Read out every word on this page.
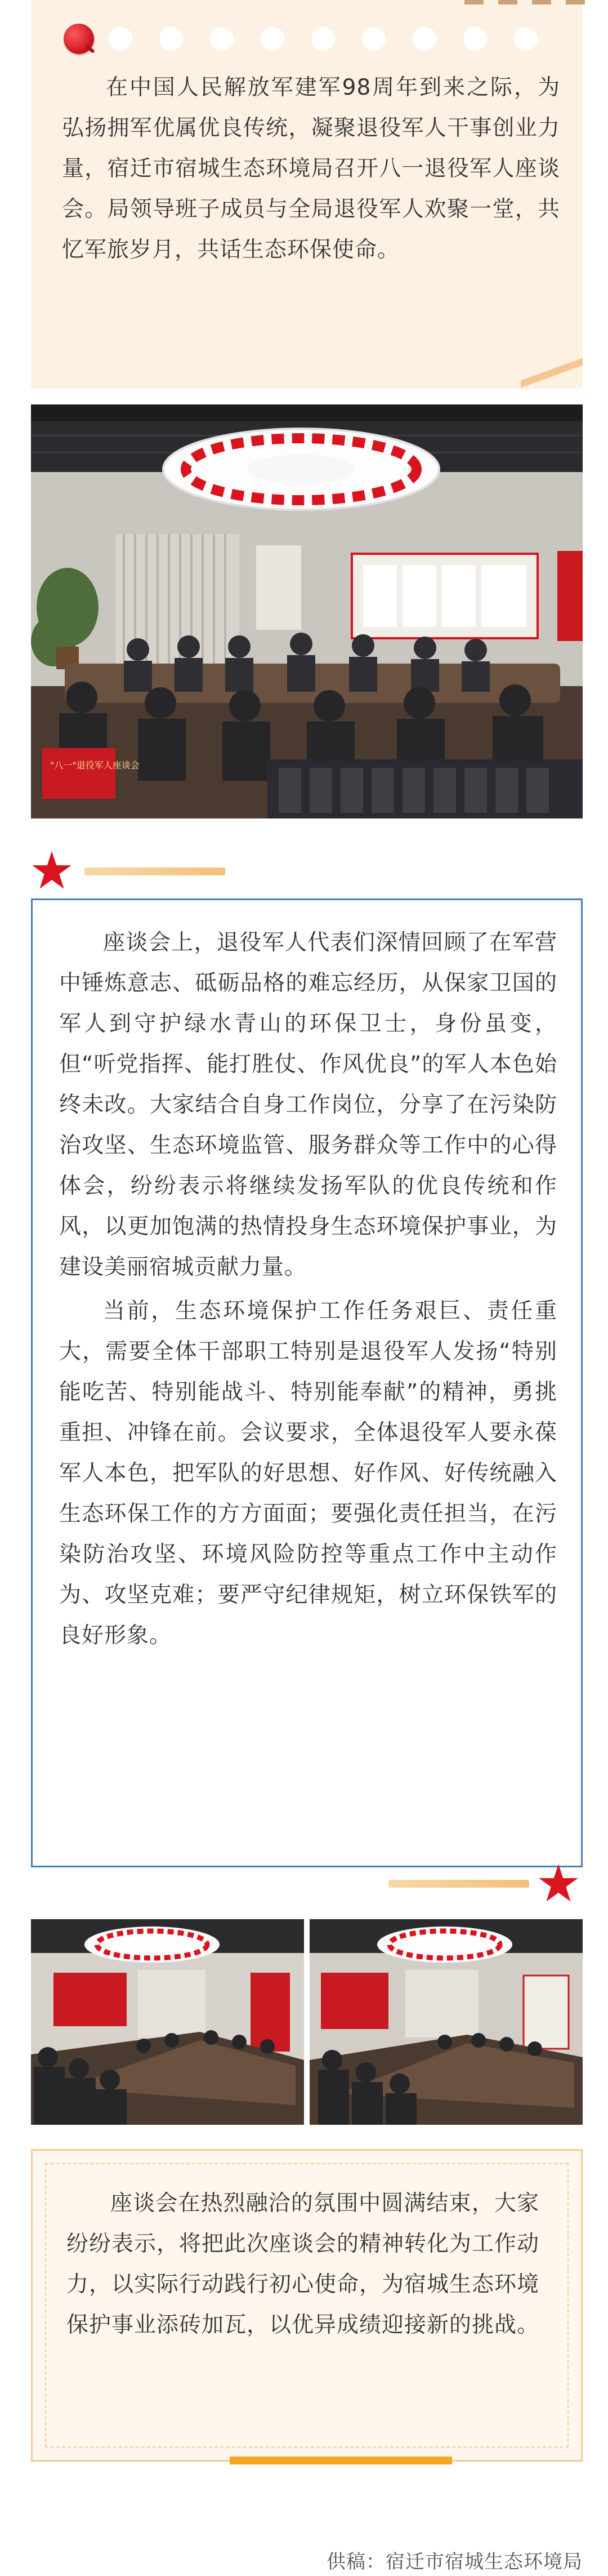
在中国人民解放军建军98周年到来之际，为弘扬拥军优属优良传统，凝聚退役军人干事创业力量，宿迁市宿城生态环境局召开八一退役军人座谈会。局领导班子成员与全局退役军人欢聚一堂，共忆军旅岁月，共话生态环保使命。

"八一"退役军人座谈会

座谈会上，退役军人代表们深情回顾了在军营中锤炼意志、砥砺品格的难忘经历，从保家卫国的军人到守护绿水青山的环保卫士，身份虽变，但“听党指挥、能打胜仗、作风优良”的军人本色始终未改。大家结合自身工作岗位，分享了在污染防治攻坚、生态环境监管、服务群众等工作中的心得体会，纷纷表示将继续发扬军队的优良传统和作风，以更加饱满的热情投身生态环境保护事业，为建设美丽宿城贡献力量。

当前，生态环境保护工作任务艰巨、责任重大，需要全体干部职工特别是退役军人发扬“特别能吃苦、特别能战斗、特别能奉献”的精神，勇挑重担、冲锋在前。会议要求，全体退役军人要永葆军人本色，把军队的好思想、好作风、好传统融入生态环保工作的方方面面；要强化责任担当，在污染防治攻坚、环境风险防控等重点工作中主动作为、攻坚克难；要严守纪律规矩，树立环保铁军的良好形象。

座谈会在热烈融洽的氛围中圆满结束，大家纷纷表示，将把此次座谈会的精神转化为工作动力，以实际行动践行初心使命，为宿城生态环境保护事业添砖加瓦，以优异成绩迎接新的挑战。

供稿：宿迁市宿城生态环境局
